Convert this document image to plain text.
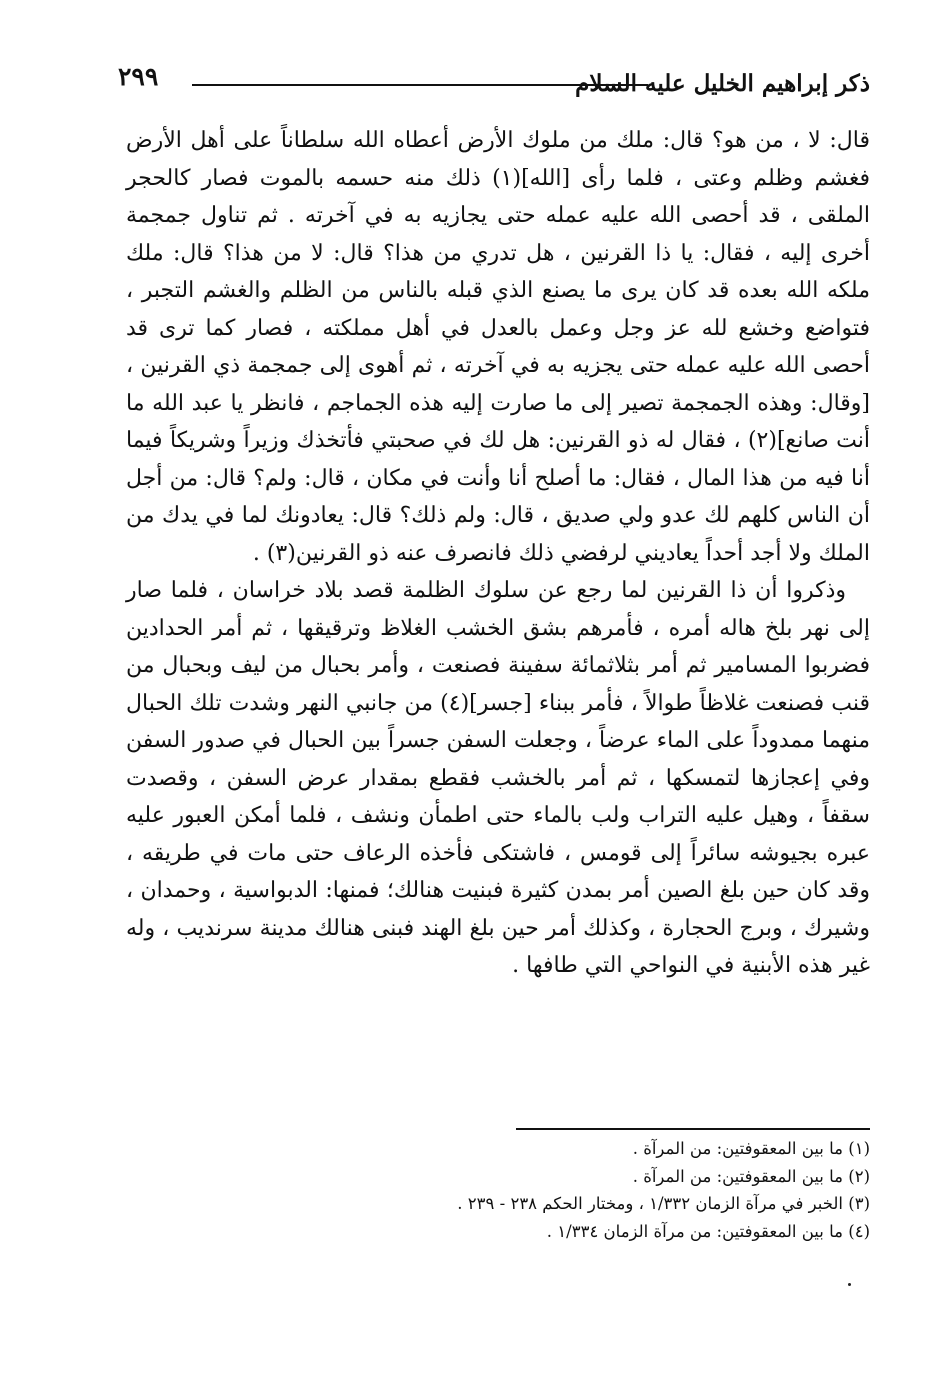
ذكر إبراهيم الخليل عليه السلام
٢٩٩

قال: لا ، من هو؟ قال: ملك من ملوك الأرض أعطاه الله سلطاناً على أهل الأرض فغشم وظلم وعتى ، فلما رأى [الله](١) ذلك منه حسمه بالموت فصار كالحجر الملقى ، قد أحصى الله عليه عمله حتى يجازيه به في آخرته . ثم تناول جمجمة أخرى إليه ، فقال: يا ذا القرنين ، هل تدري من هذا؟ قال: لا من هذا؟ قال: ملك ملكه الله بعده قد كان يرى ما يصنع الذي قبله بالناس من الظلم والغشم التجبر ، فتواضع وخشع لله عز وجل وعمل بالعدل في أهل مملكته ، فصار كما ترى قد أحصى الله عليه عمله حتى يجزيه به في آخرته ، ثم أهوى إلى جمجمة ذي القرنين ، [وقال: وهذه الجمجمة تصير إلى ما صارت إليه هذه الجماجم ، فانظر يا عبد الله ما أنت صانع](٢) ، فقال له ذو القرنين: هل لك في صحبتي فأتخذك وزيراً وشريكاً فيما أنا فيه من هذا المال ، فقال: ما أصلح أنا وأنت في مكان ، قال: ولم؟ قال: من أجل أن الناس كلهم لك عدو ولي صديق ، قال: ولم ذلك؟ قال: يعادونك لما في يدك من الملك ولا أجد أحداً يعاديني لرفضي ذلك فانصرف عنه ذو القرنين(٣) .

وذكروا أن ذا القرنين لما رجع عن سلوك الظلمة قصد بلاد خراسان ، فلما صار إلى نهر بلخ هاله أمره ، فأمرهم بشق الخشب الغلاظ وترقيقها ، ثم أمر الحدادين فضربوا المسامير ثم أمر بثلاثمائة سفينة فصنعت ، وأمر بحبال من ليف وبحبال من قنب فصنعت غلاظاً طوالاً ، فأمر ببناء [جسر](٤) من جانبي النهر وشدت تلك الحبال منهما ممدوداً على الماء عرضاً ، وجعلت السفن جسراً بين الحبال في صدور السفن وفي إعجازها لتمسكها ، ثم أمر بالخشب فقطع بمقدار عرض السفن ، وقصدت سقفاً ، وهيل عليه التراب ولب بالماء حتى اطمأن ونشف ، فلما أمكن العبور عليه عبره بجيوشه سائراً إلى قومس ، فاشتكى فأخذه الرعاف حتى مات في طريقه ، وقد كان حين بلغ الصين أمر بمدن كثيرة فبنيت هنالك؛ فمنها: الدبواسية ، وحمدان ، وشيرك ، وبرج الحجارة ، وكذلك أمر حين بلغ الهند فبنى هنالك مدينة سرنديب ، وله غير هذه الأبنية في النواحي التي طافها .

(١) ما بين المعقوفتين: من المرآة .
(٢) ما بين المعقوفتين: من المرآة .
(٣) الخبر في مرآة الزمان ١/٣٣٢ ، ومختار الحكم ٢٣٨ - ٢٣٩ .
(٤) ما بين المعقوفتين: من مرآة الزمان ١/٣٣٤ .
